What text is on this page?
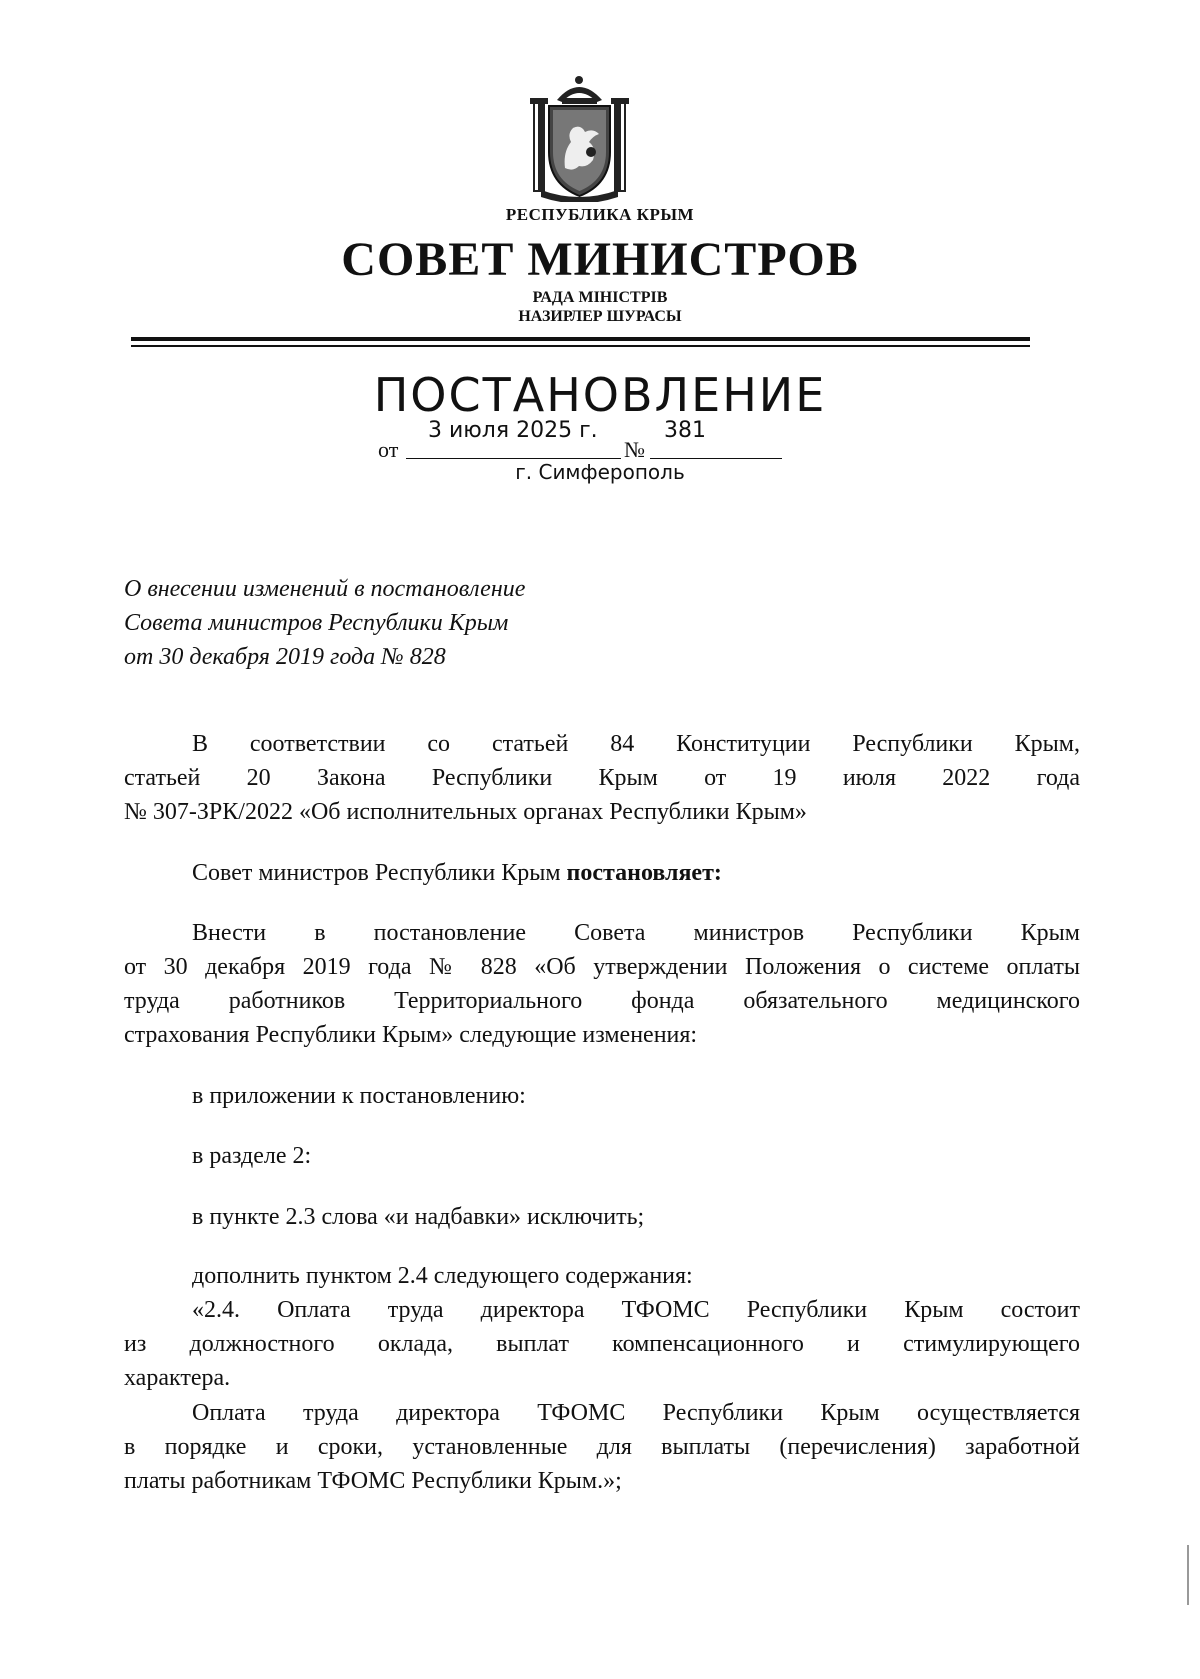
РЕСПУБЛИКА КРЫМ
СОВЕТ МИНИСТРОВ
РАДА МІНІСТРІВ
НАЗИРЛЕР ШУРАСЫ
ПОСТАНОВЛЕНИЕ
от
3 июля 2025 г.
№
381
г. Симферополь
О внесении изменений в постановление
Совета министров Республики Крым
от 30 декабря 2019 года № 828
В соответствии со статьей 84 Конституции Республики Крым,
статьей 20 Закона Республики Крым от 19 июля 2022 года
№ 307-ЗРК/2022 «Об исполнительных органах Республики Крым»
Совет министров Республики Крым постановляет:
Внести в постановление Совета министров Республики Крым
от 30 декабря 2019 года № 828 «Об утверждении Положения о системе оплаты
труда работников Территориального фонда обязательного медицинского
страхования Республики Крым» следующие изменения:
в приложении к постановлению:
в разделе 2:
в пункте 2.3 слова «и надбавки» исключить;
дополнить пунктом 2.4 следующего содержания:
«2.4. Оплата труда директора ТФОМС Республики Крым состоит
из должностного оклада, выплат компенсационного и стимулирующего
характера.
Оплата труда директора ТФОМС Республики Крым осуществляется
в порядке и сроки, установленные для выплаты (перечисления) заработной
платы работникам ТФОМС Республики Крым.»;
